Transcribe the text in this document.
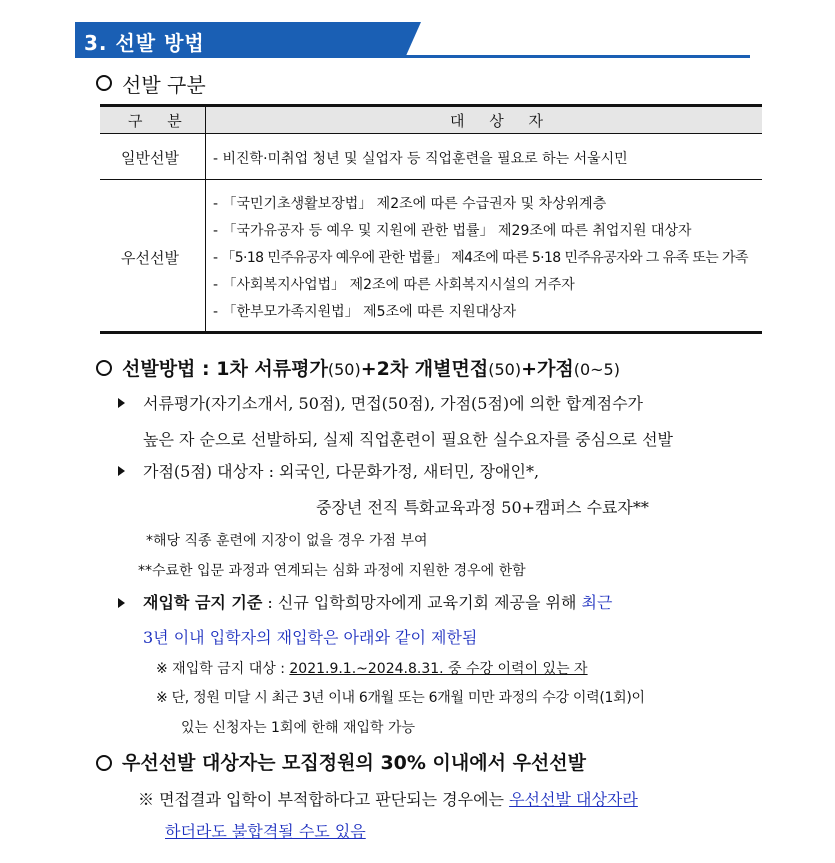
3. 선발 방법
선발 구분
구 분	대 상 자
일반선발 - 비진학·미취업 청년 및 실업자 등 직업훈련을 필요로 하는 서울시민
우선선발
- 「국민기초생활보장법」 제2조에 따른 수급권자 및 차상위계층
- 「국가유공자 등 예우 및 지원에 관한 법률」 제29조에 따른 취업지원 대상자
- 「5·18 민주유공자 예우에 관한 법률」 제4조에 따른 5·18 민주유공자와 그 유족 또는 가족
- 「사회복지사업법」 제2조에 따른 사회복지시설의 거주자
- 「한부모가족지원법」 제5조에 따른 지원대상자
선발방법 : 1차 서류평가(50)+2차 개별면접(50)+가점(0~5)
서류평가(자기소개서, 50점), 면접(50점), 가점(5점)에 의한 합계점수가
높은 자 순으로 선발하되, 실제 직업훈련이 필요한 실수요자를 중심으로 선발
가점(5점) 대상자 : 외국인, 다문화가정, 새터민, 장애인*,
중장년 전직 특화교육과정 50+캠퍼스 수료자**
*해당 직종 훈련에 지장이 없을 경우 가점 부여
**수료한 입문 과정과 연계되는 심화 과정에 지원한 경우에 한함
재입학 금지 기준 : 신규 입학희망자에게 교육기회 제공을 위해 최근
3년 이내 입학자의 재입학은 아래와 같이 제한됨
※ 재입학 금지 대상 : 2021.9.1.~2024.8.31. 중 수강 이력이 있는 자
※ 단, 정원 미달 시 최근 3년 이내 6개월 또는 6개월 미만 과정의 수강 이력(1회)이
있는 신청자는 1회에 한해 재입학 가능
우선선발 대상자는 모집정원의 30% 이내에서 우선선발
※ 면접결과 입학이 부적합하다고 판단되는 경우에는 우선선발 대상자라
하더라도 불합격될 수도 있음
